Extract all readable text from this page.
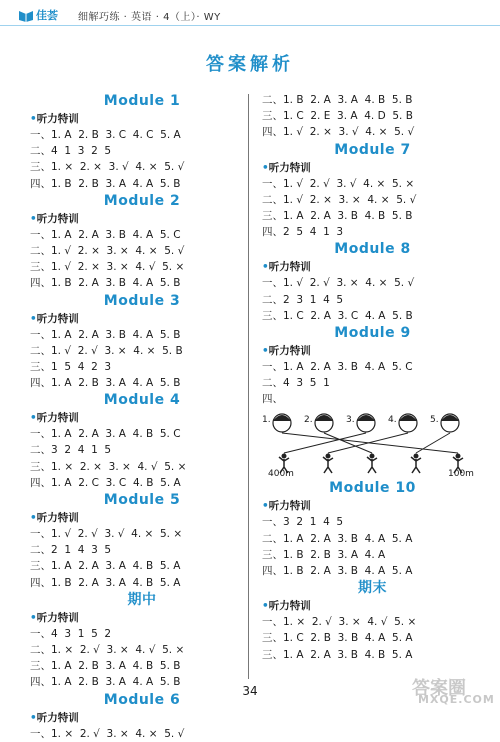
佳荟 细解巧练 · 英语 · 4（上）· WY
答案解析
Module 1
•听力特训
一、1. A  2. B  3. C  4. C  5. A
二、4  1  3  2  5
三、1. ×  2. ×  3. √  4. ×  5. √
四、1. B  2. B  3. A  4. A  5. B
Module 2
•听力特训
一、1. A  2. A  3. B  4. A  5. C
二、1. √  2. ×  3. ×  4. ×  5. √
三、1. √  2. ×  3. ×  4. √  5. ×
四、1. B  2. A  3. B  4. A  5. B
Module 3
•听力特训
一、1. A  2. A  3. B  4. A  5. B
二、1. √  2. √  3. ×  4. ×  5. B
三、1  5  4  2  3
四、1. A  2. B  3. A  4. A  5. B
Module 4
•听力特训
一、1. A  2. A  3. A  4. B  5. C
二、3  2  4  1  5
三、1. ×  2. ×  3. ×  4. √  5. ×
四、1. A  2. C  3. C  4. B  5. A
Module 5
•听力特训
一、1. √  2. √  3. √  4. ×  5. ×
二、2  1  4  3  5
三、1. A  2. A  3. A  4. B  5. A
四、1. B  2. A  3. A  4. B  5. A
期中
•听力特训
一、4  3  1  5  2
二、1. ×  2. √  3. ×  4. √  5. ×
三、1. A  2. B  3. A  4. B  5. B
四、1. A  2. B  3. A  4. A  5. B
Module 6
•听力特训
一、1. ×  2. √  3. ×  4. ×  5. √
二、1. B  2. A  3. A  4. B  5. B
三、1. C  2. E  3. A  4. D  5. B
四、1. √  2. ×  3. √  4. ×  5. √
Module 7
•听力特训
一、1. √  2. √  3. √  4. ×  5. ×
二、1. √  2. ×  3. ×  4. ×  5. √
三、1. A  2. A  3. B  4. B  5. B
四、2  5  4  1  3
Module 8
•听力特训
一、1. √  2. √  3. ×  4. ×  5. √
二、2  3  1  4  5
三、1. C  2. A  3. C  4. A  5. B
Module 9
•听力特训
一、1. A  2. A  3. B  4. A  5. C
二、4  3  5  1
四、
1.	2.	3.	4.	5.
400m	100m
Module 10
•听力特训
一、3  2  1  4  5
二、1. A  2. A  3. B  4. A  5. A
三、1. B  2. B  3. A  4. A
四、1. B  2. A  3. B  4. A  5. A
期末
•听力特训
一、1. ×  2. √  3. ×  4. √  5. ×
三、1. C  2. B  3. B  4. A  5. A
三、1. A  2. A  3. B  4. B  5. A
34	答案圈
MXQE.COM
